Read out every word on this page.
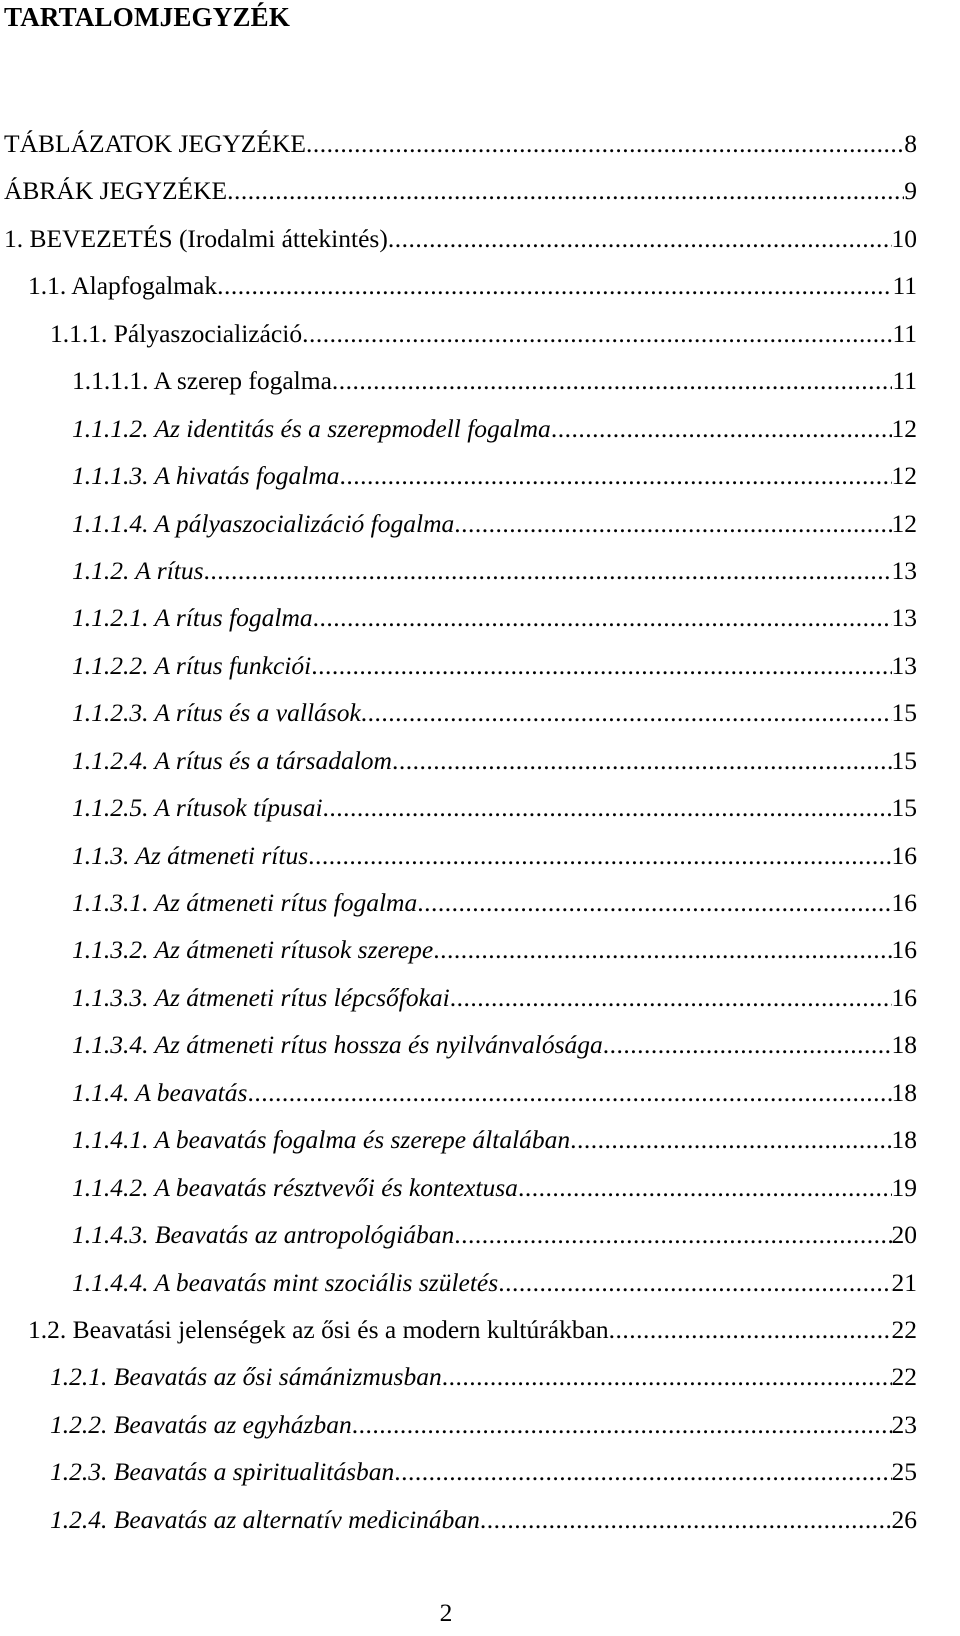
TARTALOMJEGYZÉK
TÁBLÁZATOK JEGYZÉKE .....	8
ÁBRÁK JEGYZÉKE .....	9
1. BEVEZETÉS (Irodalmi áttekintés) .....	10
1.1. Alapfogalmak .....	11
1.1.1. Pályaszocializáció .....	11
1.1.1.1. A szerep fogalma .....	11
1.1.1.2. Az identitás és a szerepmodell fogalma .....	12
1.1.1.3. A hivatás fogalma .....	12
1.1.1.4. A pályaszocializáció fogalma .....	12
1.1.2. A rítus .....	13
1.1.2.1. A rítus fogalma .....	13
1.1.2.2. A rítus funkciói .....	13
1.1.2.3. A rítus és a vallások .....	15
1.1.2.4. A rítus és a társadalom .....	15
1.1.2.5. A rítusok típusai .....	15
1.1.3. Az átmeneti rítus .....	16
1.1.3.1. Az átmeneti rítus fogalma .....	16
1.1.3.2. Az átmeneti rítusok szerepe .....	16
1.1.3.3. Az átmeneti rítus lépcsőfokai .....	16
1.1.3.4. Az átmeneti rítus hossza és nyilvánvalósága .....	18
1.1.4. A beavatás .....	18
1.1.4.1. A beavatás fogalma és szerepe általában .....	18
1.1.4.2. A beavatás résztvevői és kontextusa .....	19
1.1.4.3. Beavatás az antropológiában .....	20
1.1.4.4. A beavatás mint szociális születés .....	21
1.2. Beavatási jelenségek az ősi és a modern kultúrákban .....	22
1.2.1. Beavatás az ősi sámánizmusban .....	22
1.2.2. Beavatás az egyházban .....	23
1.2.3. Beavatás a spiritualitásban .....	25
1.2.4. Beavatás az alternatív medicinában .....	26
2
